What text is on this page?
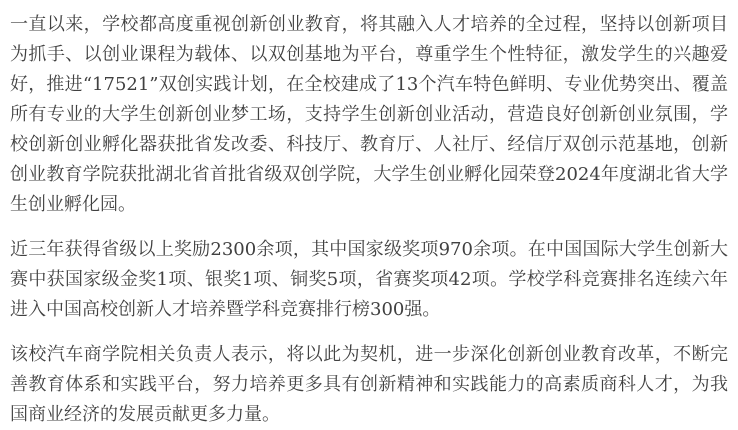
一直以来，学校都高度重视创新创业教育，将其融入人才培养的全过程，坚持以创新项目为抓手、以创业课程为载体、以双创基地为平台，尊重学生个性特征，激发学生的兴趣爱好，推进“17521”双创实践计划，在全校建成了13个汽车特色鲜明、专业优势突出、覆盖所有专业的大学生创新创业梦工场，支持学生创新创业活动，营造良好创新创业氛围，学校创新创业孵化器获批省发改委、科技厅、教育厅、人社厅、经信厅双创示范基地，创新创业教育学院获批湖北省首批省级双创学院，大学生创业孵化园荣登2024年度湖北省大学生创业孵化园。

近三年获得省级以上奖励2300余项，其中国家级奖项970余项。在中国国际大学生创新大赛中获国家级金奖1项、银奖1项、铜奖5项，省赛奖项42项。学校学科竞赛排名连续六年进入中国高校创新人才培养暨学科竞赛排行榜300强。

该校汽车商学院相关负责人表示，将以此为契机，进一步深化创新创业教育改革，不断完善教育体系和实践平台，努力培养更多具有创新精神和实践能力的高素质商科人才，为我国商业经济的发展贡献更多力量。
